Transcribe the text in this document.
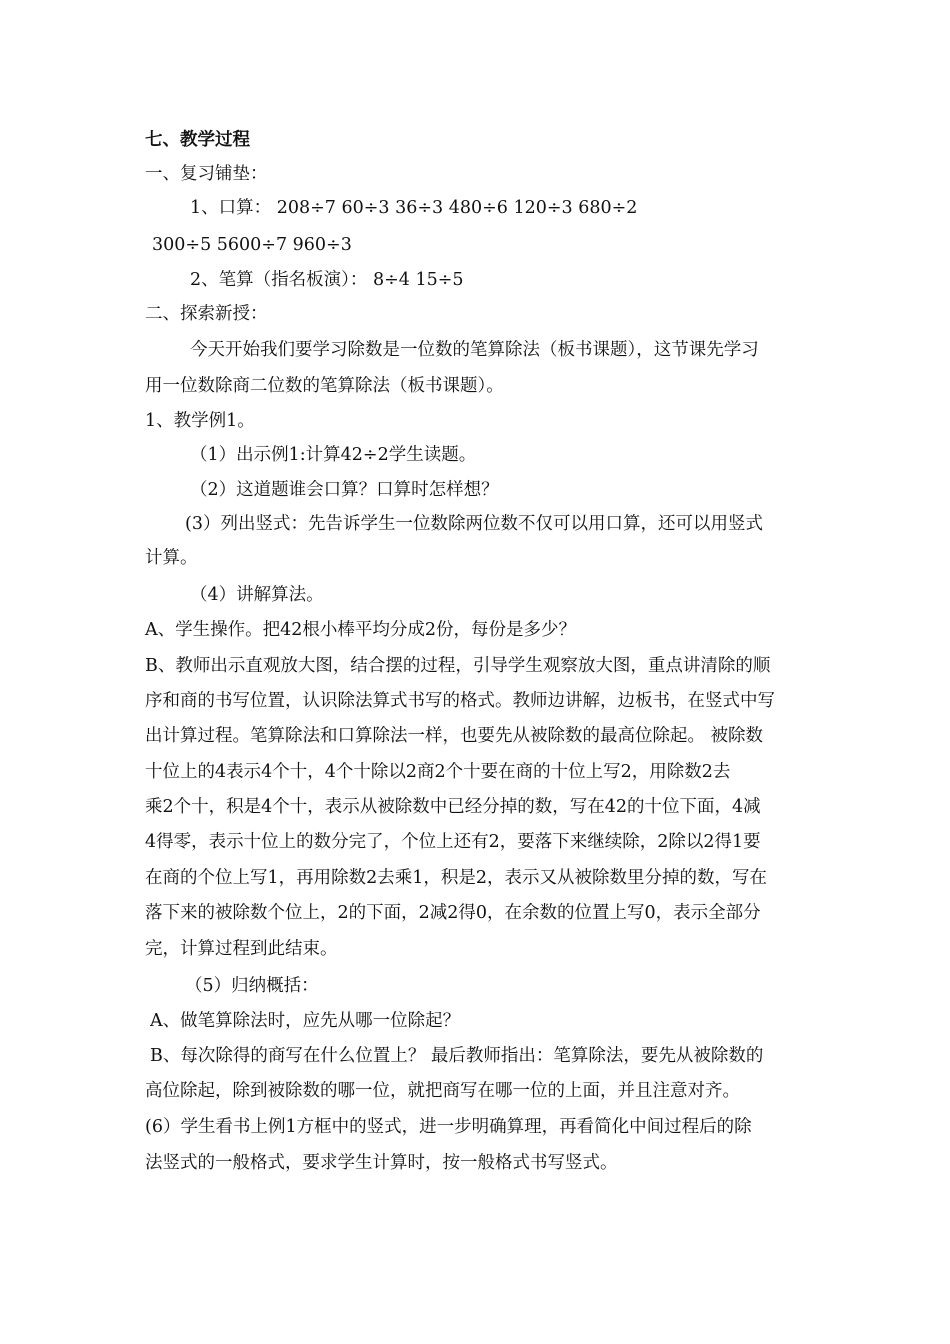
七、教学过程
一、复习铺垫：
1、口算： 208÷7 60÷3 36÷3 480÷6 120÷3 680÷2
300÷5 5600÷7 960÷3
2、笔算（指名板演）： 8÷4 15÷5
二、探索新授：
今天开始我们要学习除数是一位数的笔算除法（板书课题），这节课先学习
用一位数除商二位数的笔算除法（板书课题）。
1、教学例1。
（1）出示例1:计算42÷2学生读题。
（2）这道题谁会口算？口算时怎样想？
(3）列出竖式：先告诉学生一位数除两位数不仅可以用口算，还可以用竖式
计算。
（4）讲解算法。
A、学生操作。把42根小棒平均分成2份，每份是多少？
B、教师出示直观放大图，结合摆的过程，引导学生观察放大图，重点讲清除的顺
序和商的书写位置，认识除法算式书写的格式。教师边讲解，边板书，在竖式中写
出计算过程。笔算除法和口算除法一样，也要先从被除数的最高位除起。 被除数
十位上的4表示4个十，4个十除以2商2个十要在商的十位上写2，用除数2去
乘2个十，积是4个十，表示从被除数中已经分掉的数，写在42的十位下面，4减
4得零，表示十位上的数分完了，个位上还有2，要落下来继续除，2除以2得1要
在商的个位上写1，再用除数2去乘1，积是2，表示又从被除数里分掉的数，写在
落下来的被除数个位上，2的下面，2减2得0，在余数的位置上写0，表示全部分
完，计算过程到此结束。
（5）归纳概括：
A、做笔算除法时，应先从哪一位除起？
B、每次除得的商写在什么位置上？ 最后教师指出：笔算除法，要先从被除数的
高位除起，除到被除数的哪一位，就把商写在哪一位的上面，并且注意对齐。
(6）学生看书上例1方框中的竖式，进一步明确算理，再看简化中间过程后的除
法竖式的一般格式，要求学生计算时，按一般格式书写竖式。
